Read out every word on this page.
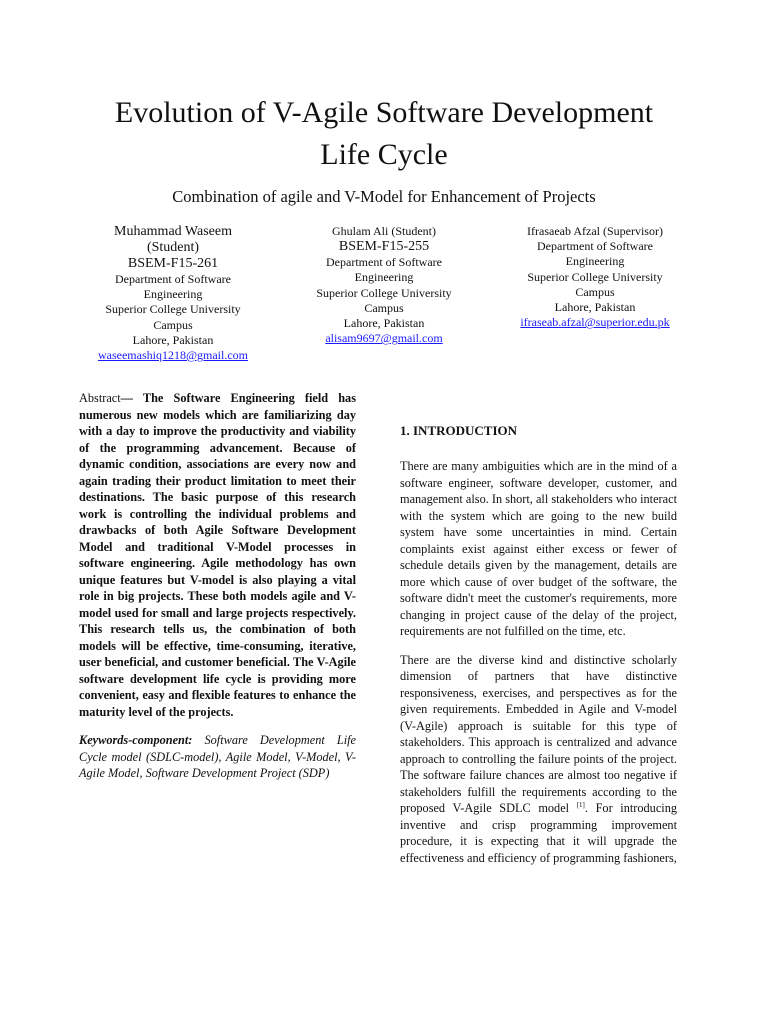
Evolution of V-Agile Software Development
Life Cycle
Combination of agile and V-Model for Enhancement of Projects
Muhammad Waseem
(Student)
BSEM-F15-261
Department of Software
Engineering
Superior College University
Campus
Lahore, Pakistan
waseemashiq1218@gmail.com
Ghulam Ali (Student)
BSEM-F15-255
Department of Software
Engineering
Superior College University
Campus
Lahore, Pakistan
alisam9697@gmail.com
Ifrasaeab Afzal (Supervisor)
Department of Software
Engineering
Superior College University
Campus
Lahore, Pakistan
ifraseab.afzal@superior.edu.pk
Abstract— The Software Engineering field has numerous new models which are familiarizing day with a day to improve the productivity and viability of the programming advancement. Because of dynamic condition, associations are every now and again trading their product limitation to meet their destinations. The basic purpose of this research work is controlling the individual problems and drawbacks of both Agile Software Development Model and traditional V-Model processes in software engineering. Agile methodology has own unique features but V-model is also playing a vital role in big projects. These both models agile and V-model used for small and large projects respectively. This research tells us, the combination of both models will be effective, time-consuming, iterative, user beneficial, and customer beneficial. The V-Agile software development life cycle is providing more convenient, easy and flexible features to enhance the maturity level of the projects.
Keywords-component: Software Development Life Cycle model (SDLC-model), Agile Model, V-Model, V-Agile Model, Software Development Project (SDP)
1. INTRODUCTION

There are many ambiguities which are in the mind of a software engineer, software developer, customer, and management also. In short, all stakeholders who interact with the system which are going to the new build system have some uncertainties in mind. Certain complaints exist against either excess or fewer of schedule details given by the management, details are more which cause of over budget of the software, the software didn't meet the customer's requirements, more changing in project cause of the delay of the project, requirements are not fulfilled on the time, etc.

There are the diverse kind and distinctive scholarly dimension of partners that have distinctive responsiveness, exercises, and perspectives as for the given requirements. Embedded in Agile and V-model (V-Agile) approach is suitable for this type of stakeholders. This approach is centralized and advance approach to controlling the failure points of the project. The software failure chances are almost too negative if stakeholders fulfill the requirements according to the proposed V-Agile SDLC model [1]. For introducing inventive and crisp programming improvement procedure, it is expecting that it will upgrade the effectiveness and efficiency of programming fashioners,
